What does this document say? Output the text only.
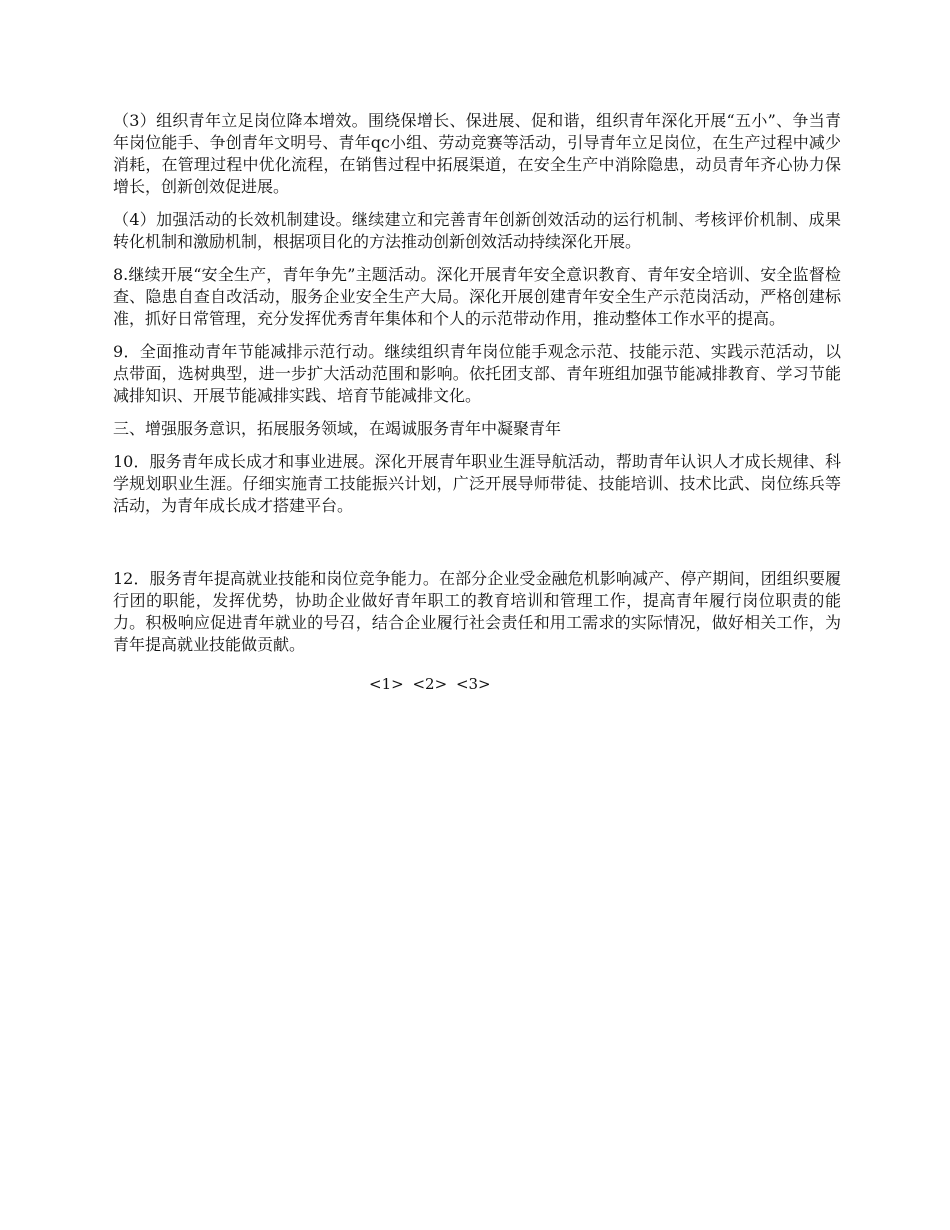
（3）组织青年立足岗位降本增效。围绕保增长、保进展、促和谐，组织青年深化开展“五小”、争当青年岗位能手、争创青年文明号、青年qc小组、劳动竞赛等活动，引导青年立足岗位，在生产过程中减少消耗，在管理过程中优化流程，在销售过程中拓展渠道，在安全生产中消除隐患，动员青年齐心协力保增长，创新创效促进展。

（4）加强活动的长效机制建设。继续建立和完善青年创新创效活动的运行机制、考核评价机制、成果转化机制和激励机制，根据项目化的方法推动创新创效活动持续深化开展。

8.继续开展“安全生产，青年争先”主题活动。深化开展青年安全意识教育、青年安全培训、安全监督检查、隐患自查自改活动，服务企业安全生产大局。深化开展创建青年安全生产示范岗活动，严格创建标准，抓好日常管理，充分发挥优秀青年集体和个人的示范带动作用，推动整体工作水平的提高。

9．全面推动青年节能减排示范行动。继续组织青年岗位能手观念示范、技能示范、实践示范活动，以点带面，选树典型，进一步扩大活动范围和影响。依托团支部、青年班组加强节能减排教育、学习节能减排知识、开展节能减排实践、培育节能减排文化。

三、增强服务意识，拓展服务领域，在竭诚服务青年中凝聚青年

10．服务青年成长成才和事业进展。深化开展青年职业生涯导航活动，帮助青年认识人才成长规律、科学规划职业生涯。仔细实施青工技能振兴计划，广泛开展导师带徒、技能培训、技术比武、岗位练兵等活动，为青年成长成才搭建平台。

12．服务青年提高就业技能和岗位竞争能力。在部分企业受金融危机影响减产、停产期间，团组织要履行团的职能，发挥优势，协助企业做好青年职工的教育培训和管理工作，提高青年履行岗位职责的能力。积极响应促进青年就业的号召，结合企业履行社会责任和用工需求的实际情况，做好相关工作，为青年提高就业技能做贡献。

<1> <2> <3>
